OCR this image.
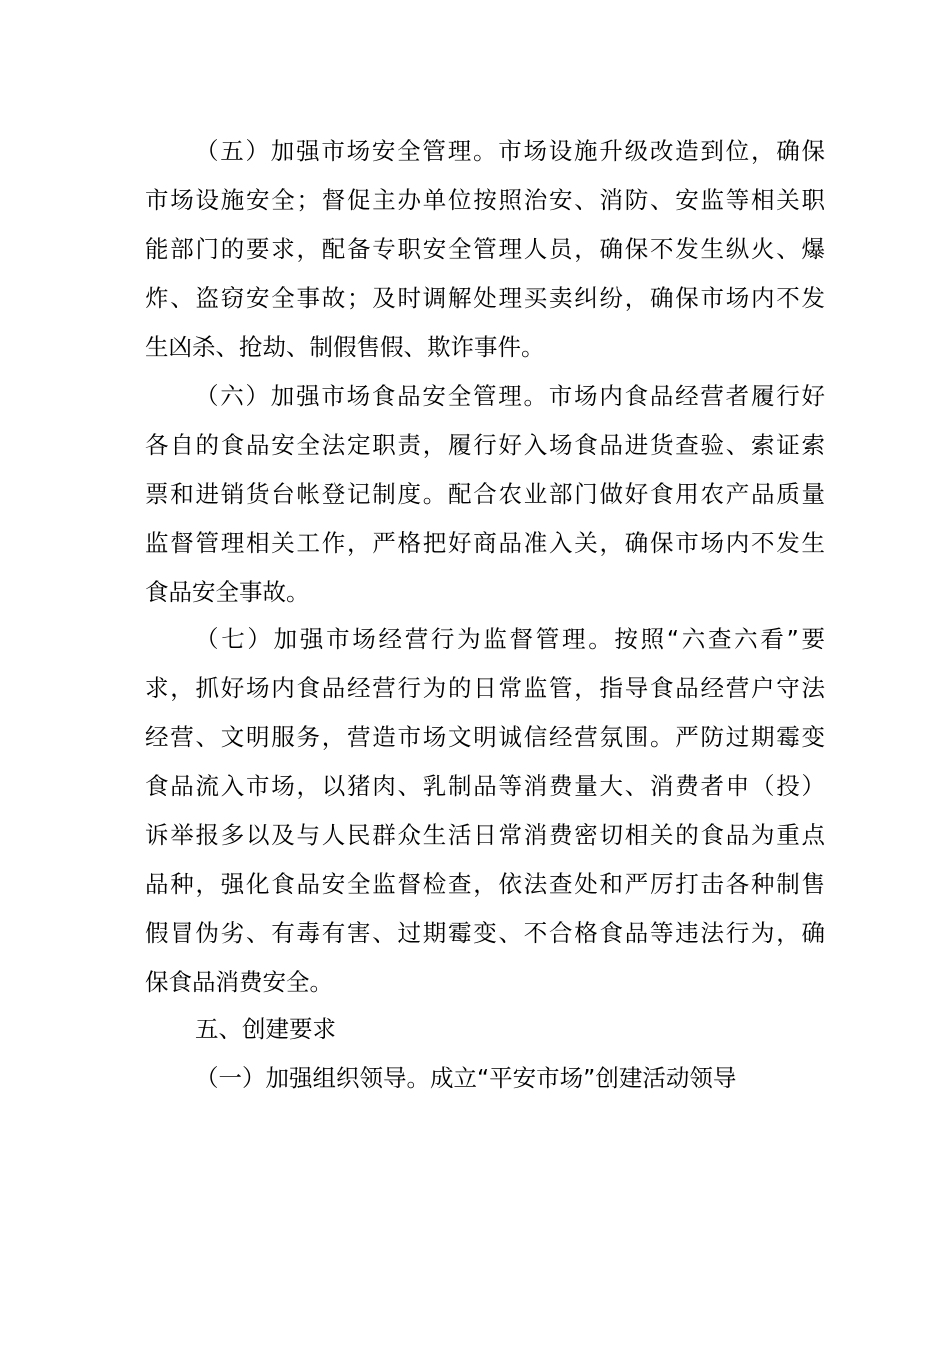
（五）加强市场安全管理。市场设施升级改造到位，确保
市场设施安全；督促主办单位按照治安、消防、安监等相关职
能部门的要求，配备专职安全管理人员，确保不发生纵火、爆
炸、盗窃安全事故；及时调解处理买卖纠纷，确保市场内不发
生凶杀、抢劫、制假售假、欺诈事件。
（六）加强市场食品安全管理。市场内食品经营者履行好
各自的食品安全法定职责，履行好入场食品进货查验、索证索
票和进销货台帐登记制度。配合农业部门做好食用农产品质量
监督管理相关工作，严格把好商品准入关，确保市场内不发生
食品安全事故。
（七）加强市场经营行为监督管理。按照“六查六看”要
求，抓好场内食品经营行为的日常监管，指导食品经营户守法
经营、文明服务，营造市场文明诚信经营氛围。严防过期霉变
食品流入市场，以猪肉、乳制品等消费量大、消费者申（投）
诉举报多以及与人民群众生活日常消费密切相关的食品为重点
品种，强化食品安全监督检查，依法查处和严厉打击各种制售
假冒伪劣、有毒有害、过期霉变、不合格食品等违法行为，确
保食品消费安全。
五、创建要求
（一）加强组织领导。成立“平安市场”创建活动领导
